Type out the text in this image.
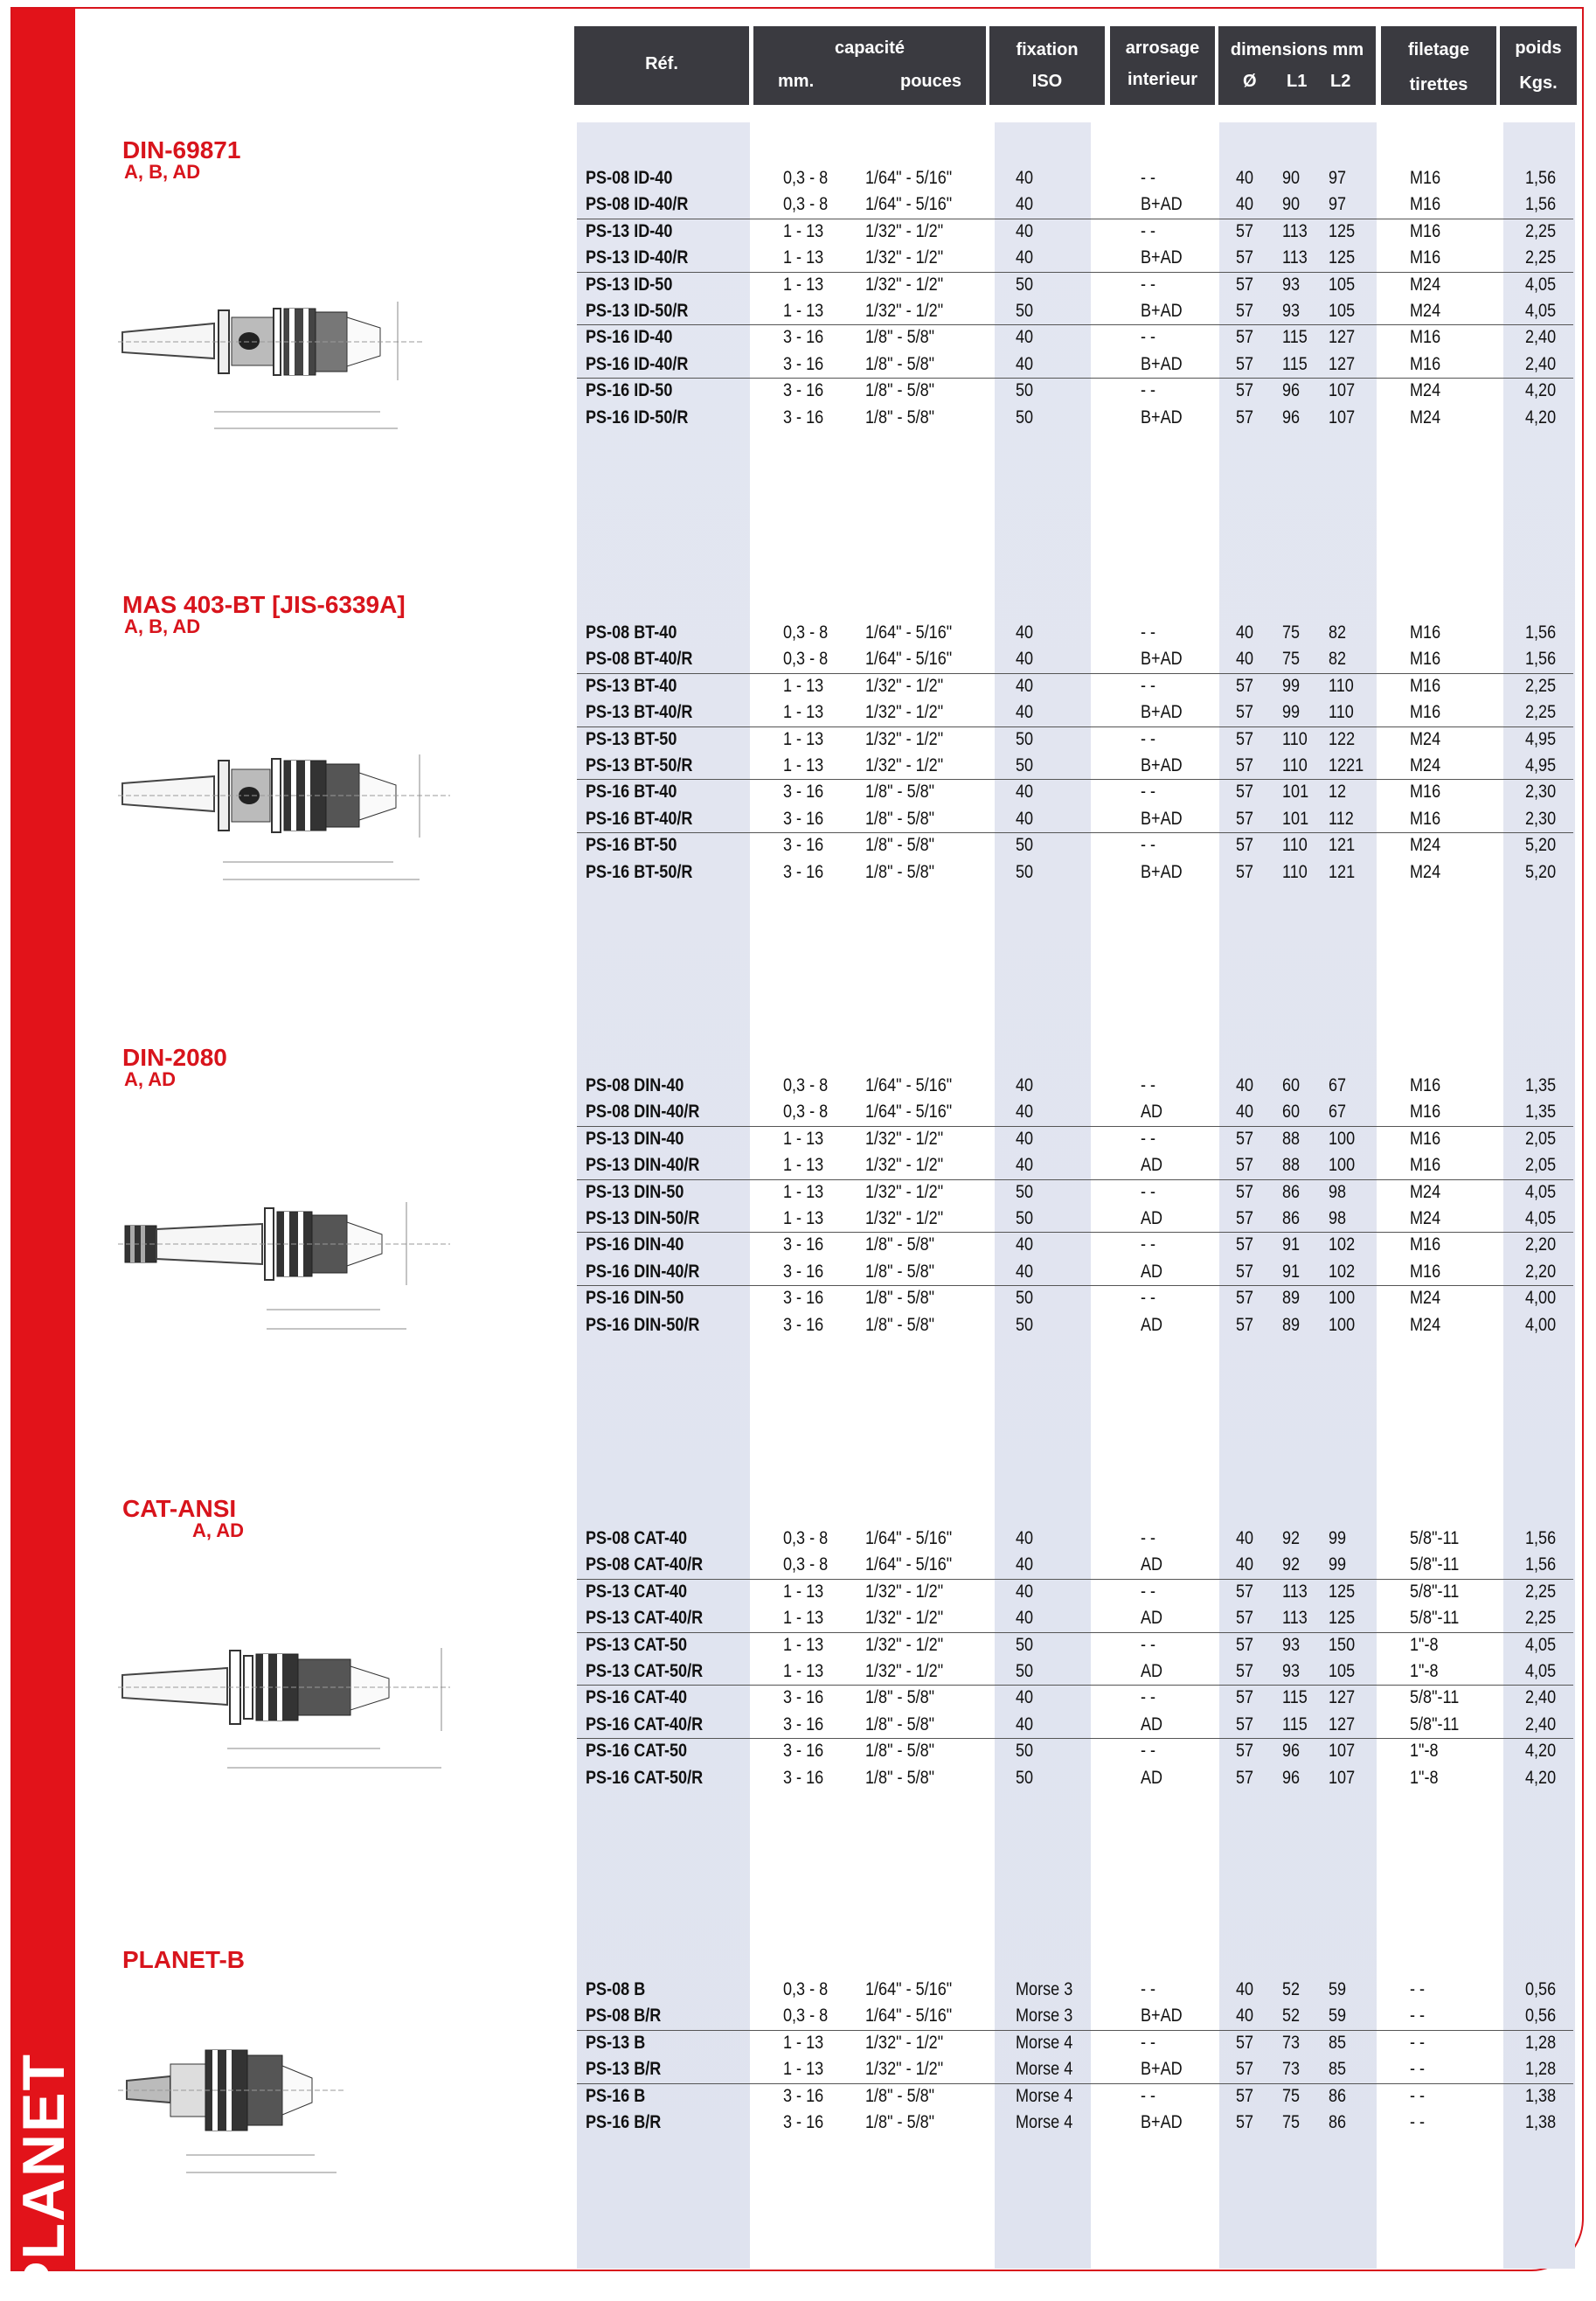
PLANET
Réf.
capacité
mm.	pouces
fixation
ISO
arrosage
interieur
dimensions mm
Ø L1 L2
filetage
tirettes
poids
Kgs.
DIN-69871
A, B, AD
MAS 403-BT [JIS-6339A]
A, B, AD
DIN-2080
A, AD
CAT-ANSI
A, AD
PLANET-B
PS-08 ID-40	0,3 - 8 1/64" - 5/16"	40	- -	40 90 97	M16	1,56
PS-08 ID-40/R	0,3 - 8 1/64" - 5/16"	40	B+AD	40 90 97	M16	1,56
PS-13 ID-40	1 - 13 1/32" - 1/2"	40	- -	57 113 125	M16	2,25
PS-13 ID-40/R	1 - 13 1/32" - 1/2"	40	B+AD	57 113 125	M16	2,25
PS-13 ID-50	1 - 13 1/32" - 1/2"	50	- -	57 93 105	M24	4,05
PS-13 ID-50/R	1 - 13 1/32" - 1/2"	50	B+AD	57 93 105	M24	4,05
PS-16 ID-40	3 - 16 1/8" - 5/8"	40	- -	57 115 127	M16	2,40
PS-16 ID-40/R	3 - 16 1/8" - 5/8"	40	B+AD	57 115 127	M16	2,40
PS-16 ID-50	3 - 16 1/8" - 5/8"	50	- -	57 96 107	M24	4,20
PS-16 ID-50/R	3 - 16 1/8" - 5/8"	50	B+AD	57 96 107	M24	4,20
PS-08 BT-40	0,3 - 8 1/64" - 5/16"	40	- -	40 75 82	M16	1,56
PS-08 BT-40/R	0,3 - 8 1/64" - 5/16"	40	B+AD	40 75 82	M16	1,56
PS-13 BT-40	1 - 13 1/32" - 1/2"	40	- -	57 99 110	M16	2,25
PS-13 BT-40/R	1 - 13 1/32" - 1/2"	40	B+AD	57 99 110	M16	2,25
PS-13 BT-50	1 - 13 1/32" - 1/2"	50	- -	57 110 122	M24	4,95
PS-13 BT-50/R	1 - 13 1/32" - 1/2"	50	B+AD	57 110 1221	M24	4,95
PS-16 BT-40	3 - 16 1/8" - 5/8"	40	- -	57 101 12	M16	2,30
PS-16 BT-40/R	3 - 16 1/8" - 5/8"	40	B+AD	57 101 112	M16	2,30
PS-16 BT-50	3 - 16 1/8" - 5/8"	50	- -	57 110 121	M24	5,20
PS-16 BT-50/R	3 - 16 1/8" - 5/8"	50	B+AD	57 110 121	M24	5,20
PS-08 DIN-40	0,3 - 8 1/64" - 5/16"	40	- -	40 60 67	M16	1,35
PS-08 DIN-40/R	0,3 - 8 1/64" - 5/16"	40	AD	40 60 67	M16	1,35
PS-13 DIN-40	1 - 13 1/32" - 1/2"	40	- -	57 88 100	M16	2,05
PS-13 DIN-40/R	1 - 13 1/32" - 1/2"	40	AD	57 88 100	M16	2,05
PS-13 DIN-50	1 - 13 1/32" - 1/2"	50	- -	57 86 98	M24	4,05
PS-13 DIN-50/R	1 - 13 1/32" - 1/2"	50	AD	57 86 98	M24	4,05
PS-16 DIN-40	3 - 16 1/8" - 5/8"	40	- -	57 91 102	M16	2,20
PS-16 DIN-40/R	3 - 16 1/8" - 5/8"	40	AD	57 91 102	M16	2,20
PS-16 DIN-50	3 - 16 1/8" - 5/8"	50	- -	57 89 100	M24	4,00
PS-16 DIN-50/R	3 - 16 1/8" - 5/8"	50	AD	57 89 100	M24	4,00
PS-08 CAT-40	0,3 - 8 1/64" - 5/16"	40	- -	40 92 99	5/8"-11	1,56
PS-08 CAT-40/R	0,3 - 8 1/64" - 5/16"	40	AD	40 92 99	5/8"-11	1,56
PS-13 CAT-40	1 - 13 1/32" - 1/2"	40	- -	57 113 125	5/8"-11	2,25
PS-13 CAT-40/R	1 - 13 1/32" - 1/2"	40	AD	57 113 125	5/8"-11	2,25
PS-13 CAT-50	1 - 13 1/32" - 1/2"	50	- -	57 93 150	1"-8	4,05
PS-13 CAT-50/R	1 - 13 1/32" - 1/2"	50	AD	57 93 105	1"-8	4,05
PS-16 CAT-40	3 - 16 1/8" - 5/8"	40	- -	57 115 127	5/8"-11	2,40
PS-16 CAT-40/R	3 - 16 1/8" - 5/8"	40	AD	57 115 127	5/8"-11	2,40
PS-16 CAT-50	3 - 16 1/8" - 5/8"	50	- -	57 96 107	1"-8	4,20
PS-16 CAT-50/R	3 - 16 1/8" - 5/8"	50	AD	57 96 107	1"-8	4,20
PS-08 B	0,3 - 8 1/64" - 5/16"	Morse 3	- -	40 52 59	- -	0,56
PS-08 B/R	0,3 - 8 1/64" - 5/16"	Morse 3	B+AD	40 52 59	- -	0,56
PS-13 B	1 - 13 1/32" - 1/2"	Morse 4	- -	57 73 85	- -	1,28
PS-13 B/R	1 - 13 1/32" - 1/2"	Morse 4	B+AD	57 73 85	- -	1,28
PS-16 B	3 - 16 1/8" - 5/8"	Morse 4	- -	57 75 86	- -	1,38
PS-16 B/R	3 - 16 1/8" - 5/8"	Morse 4	B+AD	57 75 86	- -	1,38
